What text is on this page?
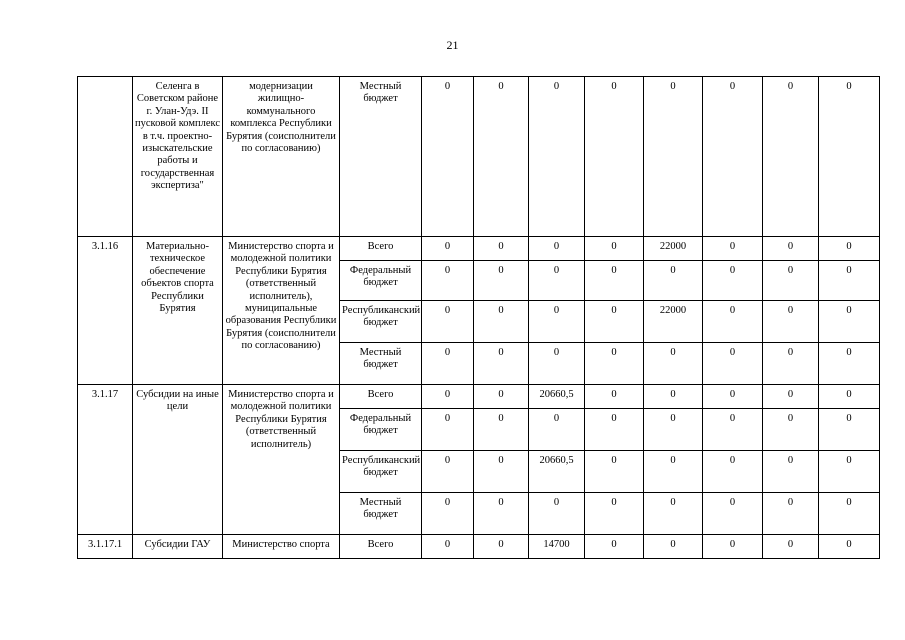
21
	Селенга в Советском районе г. Улан-Удэ. II пусковой комплекс в т.ч. проектно-изыскательские работы и государственная экспертиза"	модернизации жилищно-коммунального комплекса Республики Бурятия (соисполнители по согласованию)	Местный бюджет	0	0	0	0	0	0	0	0
3.1.16	Материально-техническое обеспечение объектов спорта Республики Бурятия	Министерство спорта и молодежной политики Республики Бурятия (ответственный исполнитель), муниципальные образования Республики Бурятия (соисполнители по согласованию)	Всего	0	0	0	0	22000	0	0	0
			Федеральный бюджет	0	0	0	0	0	0	0	0
			Республиканский бюджет	0	0	0	0	22000	0	0	0
			Местный бюджет	0	0	0	0	0	0	0	0
3.1.17	Субсидии на иные цели	Министерство спорта и молодежной политики Республики Бурятия (ответственный исполнитель)	Всего	0	0	20660,5	0	0	0	0	0
			Федеральный бюджет	0	0	0	0	0	0	0	0
			Республиканский бюджет	0	0	20660,5	0	0	0	0	0
			Местный бюджет	0	0	0	0	0	0	0	0
3.1.17.1	Субсидии ГАУ	Министерство спорта	Всего	0	0	14700	0	0	0	0	0
